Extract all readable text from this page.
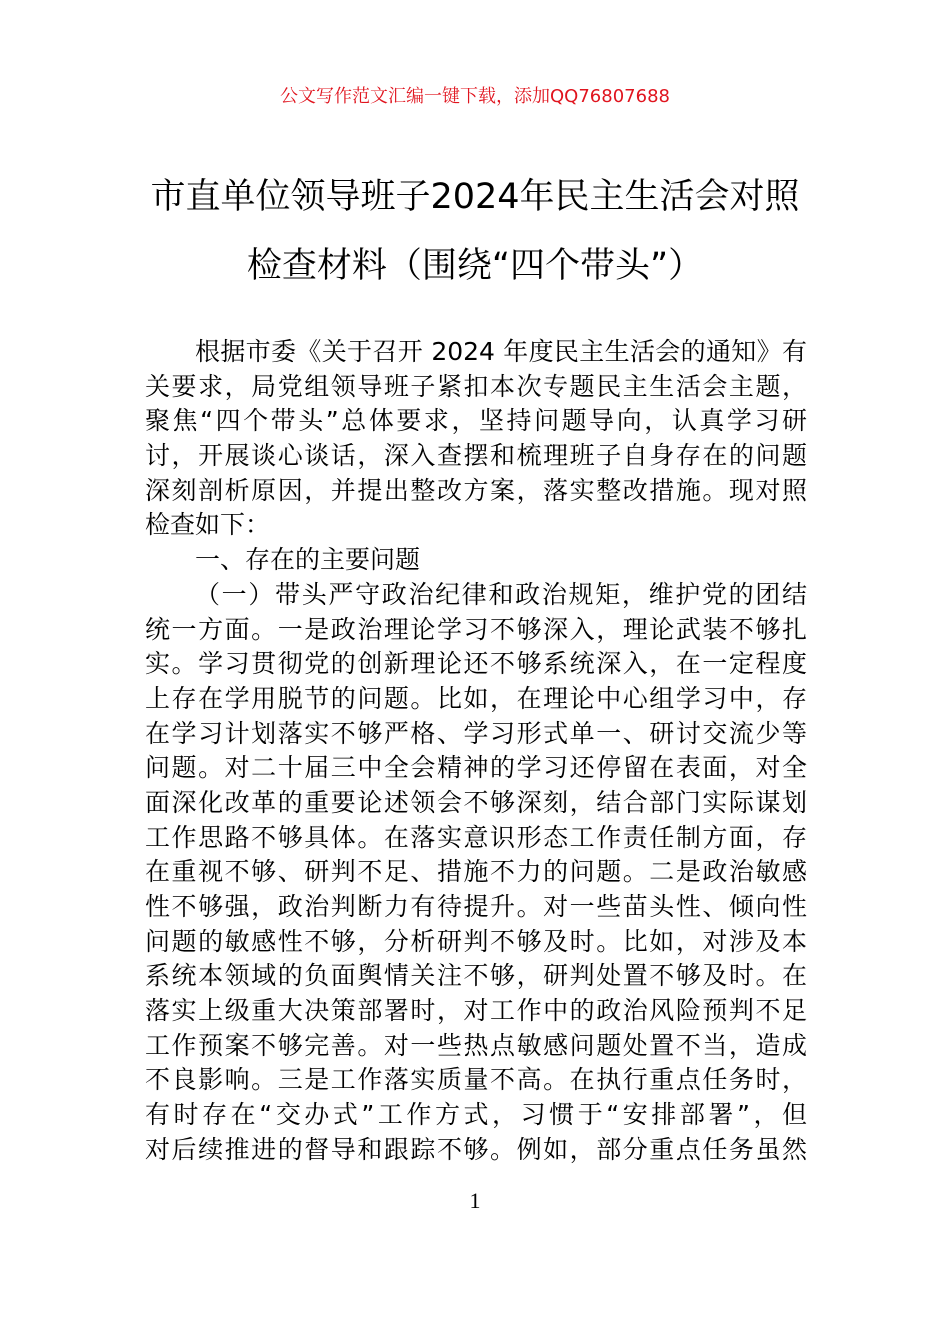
公文写作范文汇编一键下载，添加QQ76807688
市直单位领导班子2024年民主生活会对照
检查材料（围绕“四个带头”）
根据市委《关于召开 2024 年度民主生活会的通知》有
关要求，局党组领导班子紧扣本次专题民主生活会主题，
聚焦“四个带头”总体要求，坚持问题导向，认真学习研
讨，开展谈心谈话，深入查摆和梳理班子自身存在的问题
深刻剖析原因，并提出整改方案，落实整改措施。现对照
检查如下：
一、存在的主要问题
（一）带头严守政治纪律和政治规矩，维护党的团结
统一方面。一是政治理论学习不够深入，理论武装不够扎
实。学习贯彻党的创新理论还不够系统深入，在一定程度
上存在学用脱节的问题。比如，在理论中心组学习中，存
在学习计划落实不够严格、学习形式单一、研讨交流少等
问题。对二十届三中全会精神的学习还停留在表面，对全
面深化改革的重要论述领会不够深刻，结合部门实际谋划
工作思路不够具体。在落实意识形态工作责任制方面，存
在重视不够、研判不足、措施不力的问题。二是政治敏感
性不够强，政治判断力有待提升。对一些苗头性、倾向性
问题的敏感性不够，分析研判不够及时。比如，对涉及本
系统本领域的负面舆情关注不够，研判处置不够及时。在
落实上级重大决策部署时，对工作中的政治风险预判不足
工作预案不够完善。对一些热点敏感问题处置不当，造成
不良影响。三是工作落实质量不高。在执行重点任务时，
有时存在“交办式”工作方式，习惯于“安排部署”，但
对后续推进的督导和跟踪不够。例如，部分重点任务虽然
1
